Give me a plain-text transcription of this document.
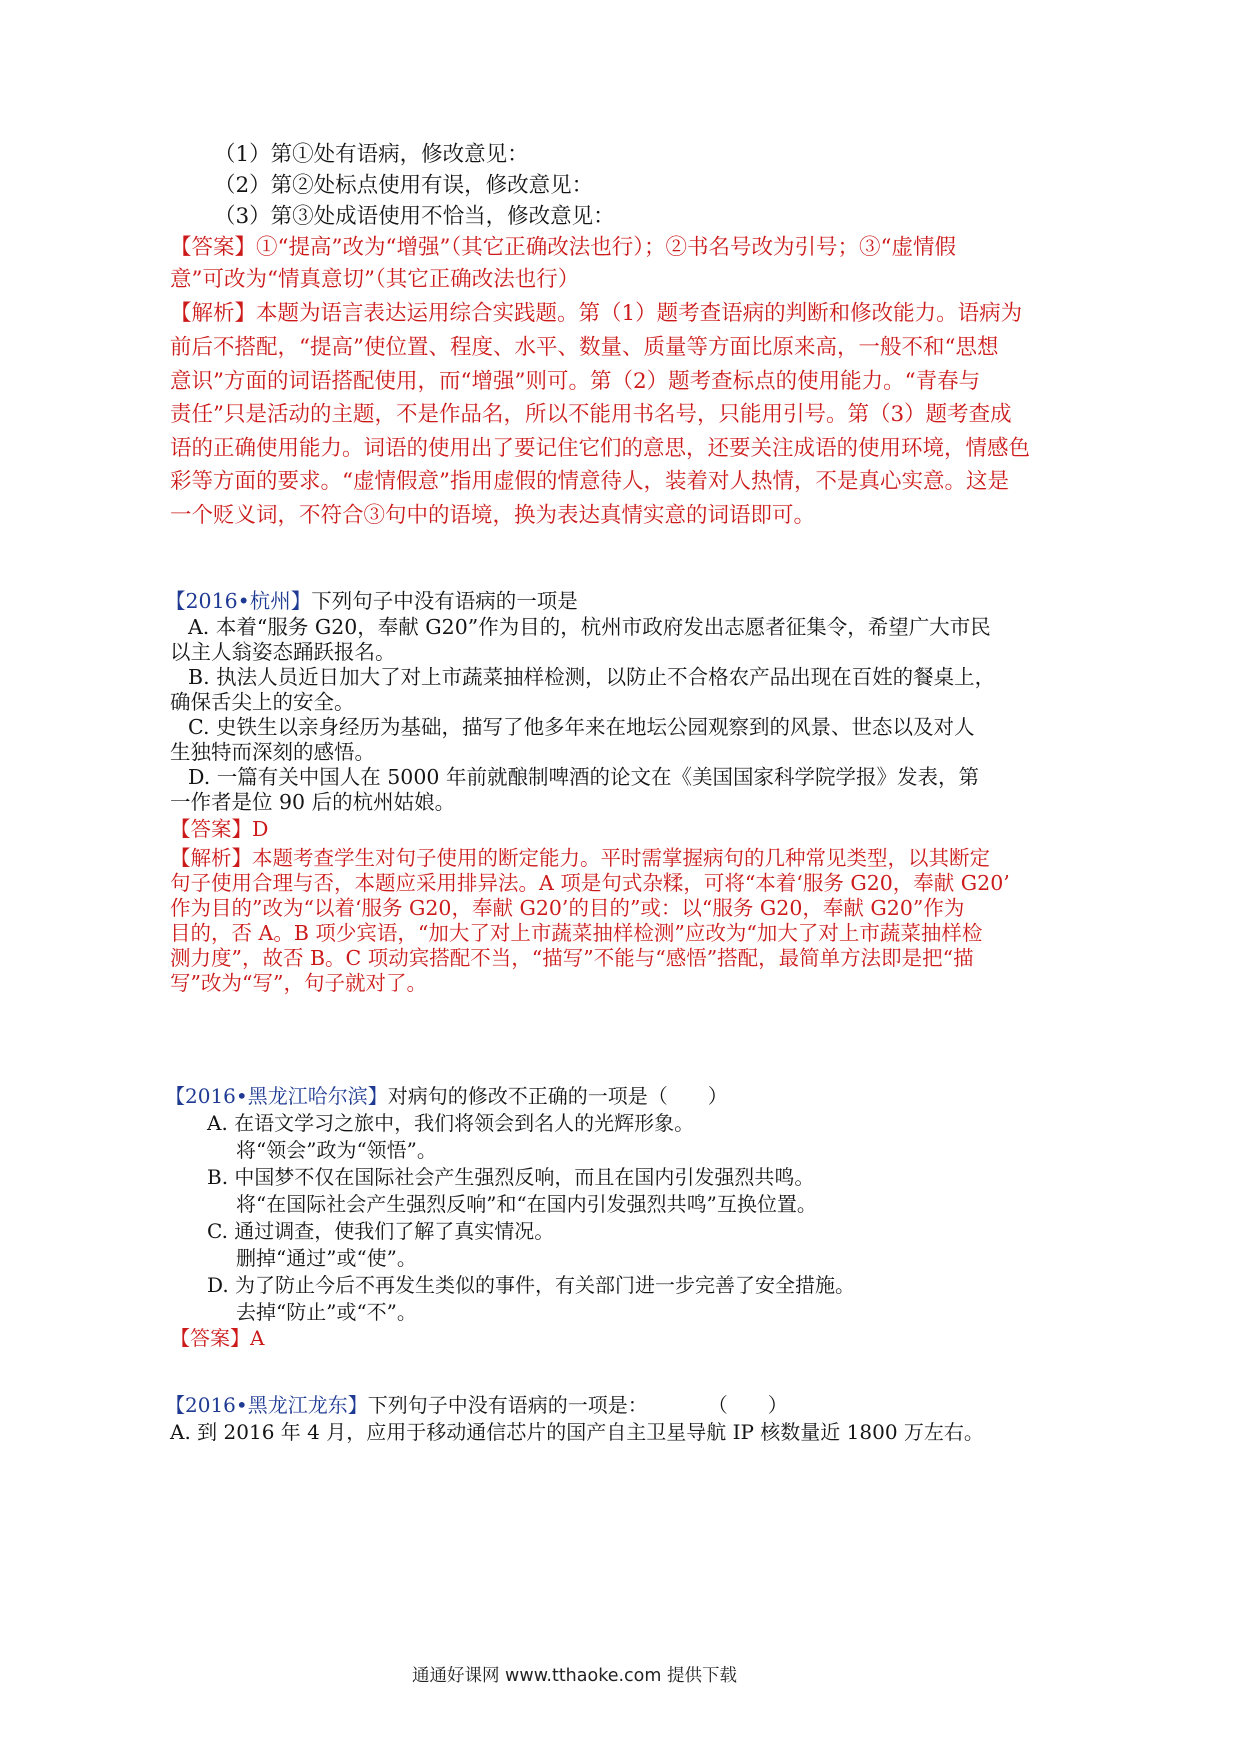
（1）第①处有语病，修改意见：
（2）第②处标点使用有误，修改意见：
（3）第③处成语使用不恰当，修改意见：
【答案】①“提高”改为“增强”（其它正确改法也行）；②书名号改为引号；③“虚情假
意”可改为“情真意切”（其它正确改法也行）
【解析】本题为语言表达运用综合实践题。第（1）题考查语病的判断和修改能力。语病为
前后不搭配，“提高”使位置、程度、水平、数量、质量等方面比原来高，一般不和“思想
意识”方面的词语搭配使用，而“增强”则可。第（2）题考查标点的使用能力。“青春与
责任”只是活动的主题，不是作品名，所以不能用书名号，只能用引号。第（3）题考查成
语的正确使用能力。词语的使用出了要记住它们的意思，还要关注成语的使用环境，情感色
彩等方面的要求。“虚情假意”指用虚假的情意待人，装着对人热情，不是真心实意。这是
一个贬义词，不符合③句中的语境，换为表达真情实意的词语即可。
【2016•杭州】下列句子中没有语病的一项是
A. 本着“服务 G20，奉献 G20”作为目的，杭州市政府发出志愿者征集令，希望广大市民
以主人翁姿态踊跃报名。
B. 执法人员近日加大了对上市蔬菜抽样检测，以防止不合格农产品出现在百姓的餐桌上，
确保舌尖上的安全。
C. 史铁生以亲身经历为基础，描写了他多年来在地坛公园观察到的风景、世态以及对人
生独特而深刻的感悟。
D. 一篇有关中国人在 5000 年前就酿制啤酒的论文在《美国国家科学院学报》发表，第
一作者是位 90 后的杭州姑娘。
【答案】D
【解析】本题考查学生对句子使用的断定能力。平时需掌握病句的几种常见类型，以其断定
句子使用合理与否，本题应采用排异法。A 项是句式杂糅，可将“本着‘服务 G20，奉献 G20’
作为目的”改为“以着‘服务 G20，奉献 G20’的目的”或：以“服务 G20，奉献 G20”作为
目的，否 A。B 项少宾语，“加大了对上市蔬菜抽样检测”应改为“加大了对上市蔬菜抽样检
测力度”，故否 B。C 项动宾搭配不当，“描写”不能与“感悟”搭配，最简单方法即是把“描
写”改为“写”，句子就对了。
【2016•黑龙江哈尔滨】对病句的修改不正确的一项是（　　）
A. 在语文学习之旅中，我们将领会到名人的光辉形象。
将“领会”政为“领悟”。
B. 中国梦不仅在国际社会产生强烈反响，而且在国内引发强烈共鸣。
将“在国际社会产生强烈反响”和“在国内引发强烈共鸣”互换位置。
C. 通过调查，使我们了解了真实情况。
删掉“通过”或“使”。
D. 为了防止今后不再发生类似的事件，有关部门进一步完善了安全措施。
去掉“防止”或“不”。
【答案】A
【2016•黑龙江龙东】下列句子中没有语病的一项是：　　　　（　　）
A. 到 2016 年 4 月，应用于移动通信芯片的国产自主卫星导航 IP 核数量近 1800 万左右。
通通好课网 www.tthaoke.com 提供下载
